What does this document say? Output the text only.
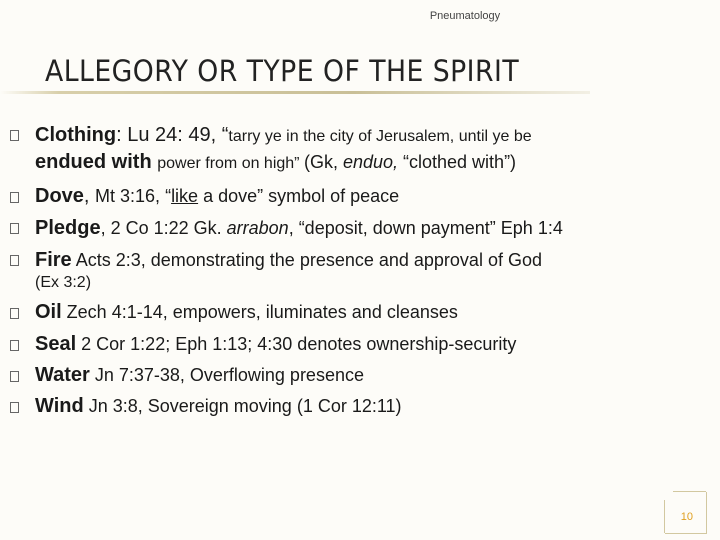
Pneumatology
ALLEGORY OR TYPE OF THE SPIRIT
Clothing: Lu 24: 49, “tarry ye in the city of Jerusalem, until ye be
endued with power from on high” (Gk, enduo, “clothed with”)
Dove, Mt 3:16, “like a dove” symbol of peace
Pledge, 2 Co 1:22 Gk. arrabon, “deposit, down payment” Eph 1:4
Fire Acts 2:3, demonstrating the presence and approval of God
(Ex 3:2)
Oil Zech 4:1-14, empowers, iluminates and cleanses
Seal 2 Cor 1:22; Eph 1:13; 4:30 denotes ownership-security
Water Jn 7:37-38, Overflowing presence
Wind Jn 3:8, Sovereign moving (1 Cor 12:11)
10
